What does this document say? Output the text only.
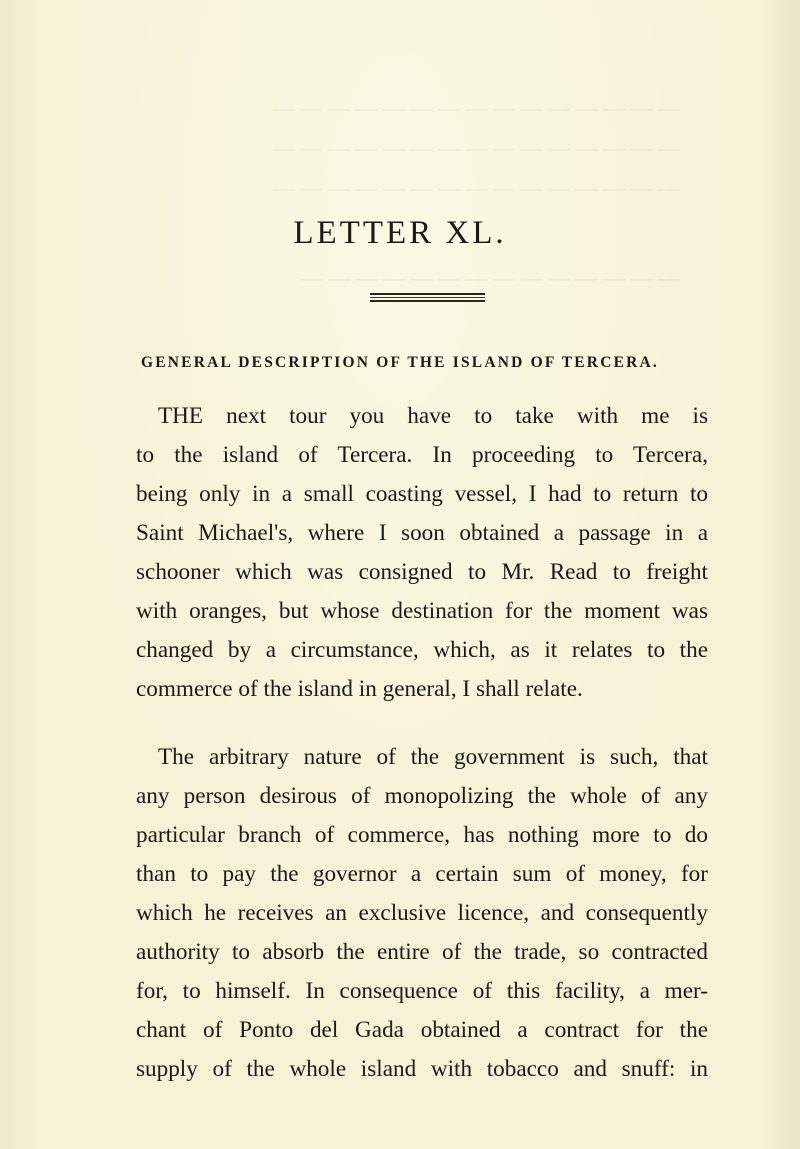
— — — — — — — — — — — — — — —
— — — — — — — — — — — — — — —
— — — — — — — — — — — — — — —
— — — — — — — — — — — — — —
LETTER XL.
GENERAL DESCRIPTION OF THE ISLAND OF TERCERA.
THE next tour you have to take with me is
to the island of Tercera. In proceeding to Tercera,
being only in a small coasting vessel, I had to return to
Saint Michael's, where I soon obtained a passage in a
schooner which was consigned to Mr. Read to freight
with oranges, but whose destination for the moment was
changed by a circumstance, which, as it relates to the
commerce of the island in general, I shall relate.
The arbitrary nature of the government is such, that
any person desirous of monopolizing the whole of any
particular branch of commerce, has nothing more to do
than to pay the governor a certain sum of money, for
which he receives an exclusive licence, and consequently
authority to absorb the entire of the trade, so contracted
for, to himself. In consequence of this facility, a mer-
chant of Ponto del Gada obtained a contract for the
supply of the whole island with tobacco and snuff: in
